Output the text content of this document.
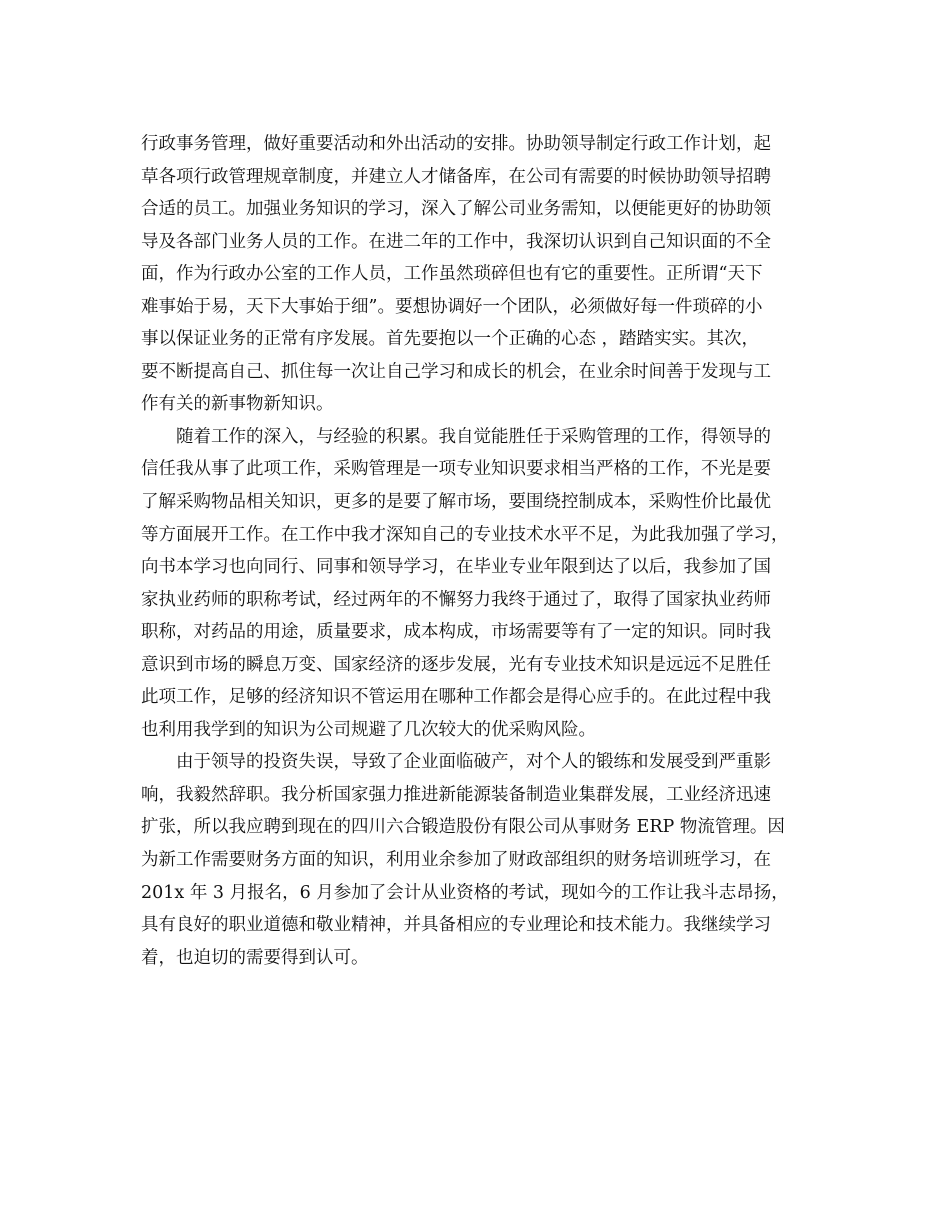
行政事务管理，做好重要活动和外出活动的安排。协助领导制定行政工作计划，起
草各项行政管理规章制度，并建立人才储备库，在公司有需要的时候协助领导招聘
合适的员工。加强业务知识的学习，深入了解公司业务需知，以便能更好的协助领
导及各部门业务人员的工作。在进二年的工作中，我深切认识到自己知识面的不全
面，作为行政办公室的工作人员，工作虽然琐碎但也有它的重要性。正所谓“天下
难事始于易，天下大事始于细”。要想协调好一个团队，必须做好每一件琐碎的小
事以保证业务的正常有序发展。首先要抱以一个正确的心态 ，踏踏实实。其次，
要不断提高自己、抓住每一次让自己学习和成长的机会，在业余时间善于发现与工
作有关的新事物新知识。
随着工作的深入，与经验的积累。我自觉能胜任于采购管理的工作，得领导的
信任我从事了此项工作，采购管理是一项专业知识要求相当严格的工作，不光是要
了解采购物品相关知识，更多的是要了解市场，要围绕控制成本，采购性价比最优
等方面展开工作。在工作中我才深知自己的专业技术水平不足，为此我加强了学习，
向书本学习也向同行、同事和领导学习，在毕业专业年限到达了以后，我参加了国
家执业药师的职称考试，经过两年的不懈努力我终于通过了，取得了国家执业药师
职称，对药品的用途，质量要求，成本构成，市场需要等有了一定的知识。同时我
意识到市场的瞬息万变、国家经济的逐步发展，光有专业技术知识是远远不足胜任
此项工作，足够的经济知识不管运用在哪种工作都会是得心应手的。在此过程中我
也利用我学到的知识为公司规避了几次较大的优采购风险。
由于领导的投资失误，导致了企业面临破产，对个人的锻练和发展受到严重影
响，我毅然辞职。我分析国家强力推进新能源装备制造业集群发展，工业经济迅速
扩张，所以我应聘到现在的四川六合锻造股份有限公司从事财务 ERP 物流管理。因
为新工作需要财务方面的知识，利用业余参加了财政部组织的财务培训班学习，在
201x 年 3 月报名，6 月参加了会计从业资格的考试，现如今的工作让我斗志昂扬，
具有良好的职业道德和敬业精神，并具备相应的专业理论和技术能力。我继续学习
着，也迫切的需要得到认可。
